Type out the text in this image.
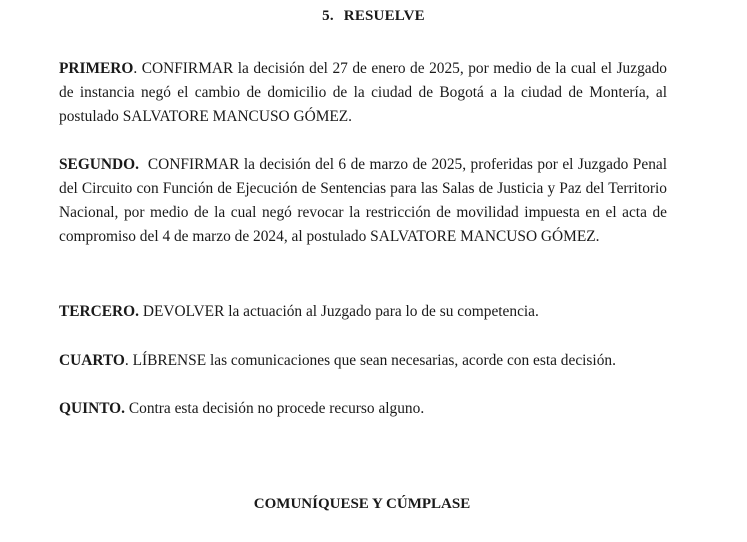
5. RESUELVE

PRIMERO. CONFIRMAR la decisión del 27 de enero de 2025, por medio de la cual el Juzgado de instancia negó el cambio de domicilio de la ciudad de Bogotá a la ciudad de Montería, al postulado SALVATORE MANCUSO GÓMEZ.

SEGUNDO. CONFIRMAR la decisión del 6 de marzo de 2025, proferidas por el Juzgado Penal del Circuito con Función de Ejecución de Sentencias para las Salas de Justicia y Paz del Territorio Nacional, por medio de la cual negó revocar la restricción de movilidad impuesta en el acta de compromiso del 4 de marzo de 2024, al postulado SALVATORE MANCUSO GÓMEZ.

TERCERO. DEVOLVER la actuación al Juzgado para lo de su competencia.

CUARTO. LÍBRENSE las comunicaciones que sean necesarias, acorde con esta decisión.

QUINTO. Contra esta decisión no procede recurso alguno.

COMUNÍQUESE Y CÚMPLASE
